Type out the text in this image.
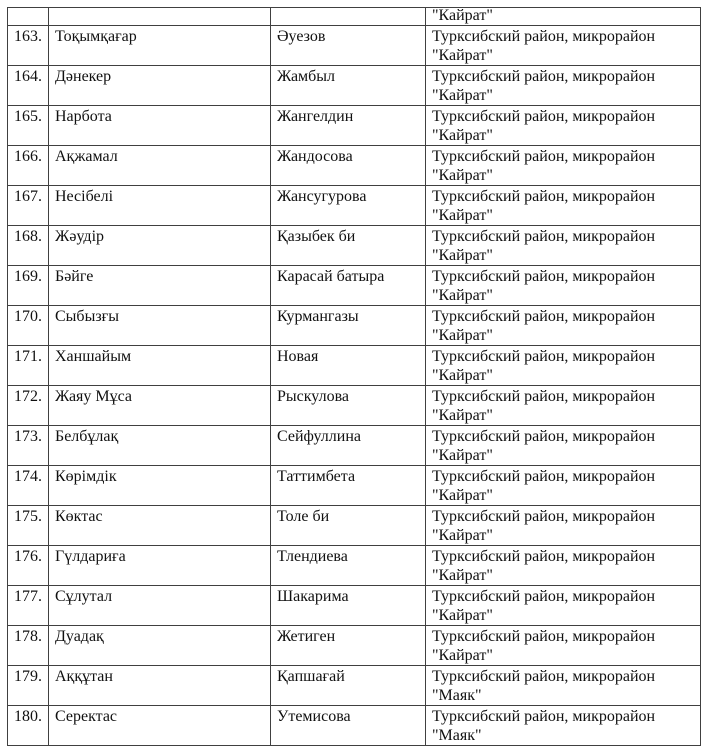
			"Кайрат"
163.	Тоқымқағар	Әуезов	Турксибский район, микрорайон "Кайрат"

164.	Дәнекер	Жамбыл	Турксибский район, микрорайон "Кайрат"

165.	Нарбота	Жангелдин	Турксибский район, микрорайон "Кайрат"

166.	Ақжамал	Жандосова	Турксибский район, микрорайон "Кайрат"

167.	Несібелі	Жансугурова	Турксибский район, микрорайон "Кайрат"

168.	Жәудір	Қазыбек би	Турксибский район, микрорайон "Кайрат"

169.	Бәйге	Карасай батыра	Турксибский район, микрорайон "Кайрат"

170.	Сыбызғы	Курмангазы	Турксибский район, микрорайон "Кайрат"

171.	Ханшайым	Новая	Турксибский район, микрорайон "Кайрат"

172.	Жаяу Мұса	Рыскулова	Турксибский район, микрорайон "Кайрат"

173.	Белбұлақ	Сейфуллина	Турксибский район, микрорайон "Кайрат"

174.	Көрімдік	Таттимбета	Турксибский район, микрорайон "Кайрат"

175.	Көктас	Толе би	Турксибский район, микрорайон "Кайрат"

176.	Гүлдариға	Тлендиева	Турксибский район, микрорайон "Кайрат"

177.	Сұлутал	Шакарима	Турксибский район, микрорайон "Кайрат"

178.	Дуадақ	Жетиген	Турксибский район, микрорайон "Кайрат"

179.	Аққұтан	Қапшағай	Турксибский район, микрорайон "Маяк"

180.	Серектас	Утемисова	Турксибский район, микрорайон "Маяк"
